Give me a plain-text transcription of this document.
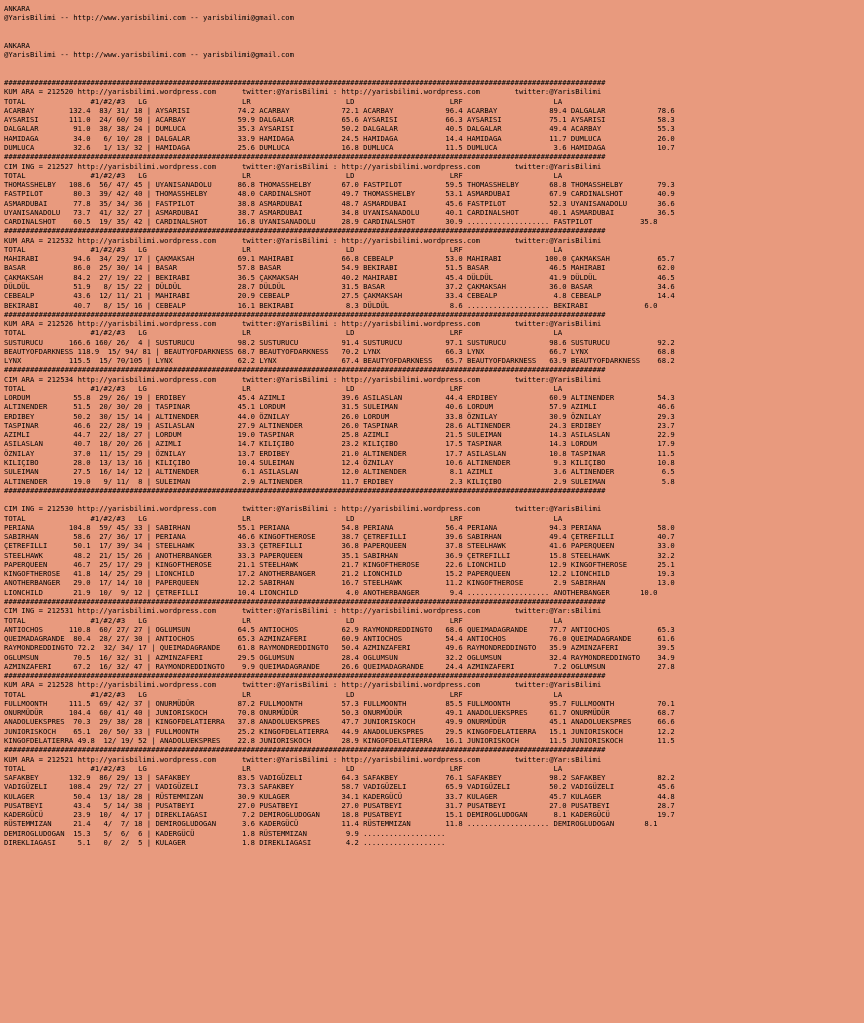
ANKARA
@YarisBilimi -- http://www.yarisbilimi.com -- yarisbilimi@gmail.com
ANKARA
@YarisBilimi -- http://www.yarisbilimi.com -- yarisbilimi@gmail.com
###########################################################################################################################################
KUM ARA = 212520 http://yarisbilimi.wordpress.com      twitter:@YarisBilimi : http://yarisbilimi.wordpress.com        twitter:@YarisBilimi
TOTAL               #1/#2/#3   LG                      LR                      LD                      LRF                     LA
ACARBAY        132.4  83/ 31/ 18 | AYSARISI           74.2 ACARBAY            72.1 ACARBAY            96.4 ACARBAY            89.4 DALGALAR            78.6
AYSARISI       111.0  24/ 60/ 50 | ACARBAY            59.9 DALGALAR           65.6 AYSARISI           66.3 AYSARISI           75.1 AYSARISI            58.3
DALGALAR        91.0  38/ 38/ 24 | DUMLUCA            35.3 AYSARISI           50.2 DALGALAR           40.5 DALGALAR           49.4 ACARBAY             55.3
HAMIDAGA        34.0   6/ 10/ 28 | DALGALAR           33.9 HAMIDAGA           24.5 HAMIDAGA           14.4 HAMIDAGA           11.7 DUMLUCA             26.0
DUMLUCA         32.6   1/ 13/ 32 | HAMIDAGA           25.6 DUMLUCA            16.8 DUMLUCA            11.5 DUMLUCA             3.6 HAMIDAGA            10.7
###########################################################################################################################################
CIM ING = 212527 http://yarisbilimi.wordpress.com      twitter:@YarisBilimi : http://yarisbilimi.wordpress.com        twitter:@YarisBilimi
TOTAL               #1/#2/#3   LG                      LR                      LD                      LRF                     LA
THOMASSHELBY   108.6  56/ 47/ 45 | UYANISANADOLU      86.8 THOMASSHELBY       67.0 FASTPILOT          59.5 THOMASSHELBY       68.8 THOMASSHELBY        79.3
FASTPILOT       80.3  39/ 42/ 40 | THOMASSHELBY       48.0 CARDINALSHOT       49.7 THOMASSHELBY       53.1 ASMARDUBAI         67.9 CARDINALSHOT        40.9
ASMARDUBAI      77.8  35/ 34/ 36 | FASTPILOT          38.8 ASMARDUBAI         48.7 ASMARDUBAI         45.6 FASTPILOT          52.3 UYANISANADOLU       36.6
UYANISANADOLU   73.7  41/ 32/ 27 | ASMARDUBAI         38.7 ASMARDUBAI         34.8 UYANISANADOLU      40.1 CARDINALSHOT       40.1 ASMARDUBAI          36.5
CARDINALSHOT    60.5  19/ 35/ 42 | CARDINALSHOT       16.8 UYANISANADOLU      28.9 CARDINALSHOT       30.9 ................... FASTPILOT           35.8
###########################################################################################################################################
KUM ARA = 212532 http://yarisbilimi.wordpress.com      twitter:@YarisBilimi : http://yarisbilimi.wordpress.com        twitter:@YarisBilimi
TOTAL               #1/#2/#3   LG                      LR                      LD                      LRF                     LA
MAHIRABI        94.6  34/ 29/ 17 | ÇAKMAKSAH          69.1 MAHIRABI           66.8 CEBEALP            53.0 MAHIRABI          100.0 ÇAKMAKSAH           65.7
BASAR           86.0  25/ 30/ 14 | BASAR              57.8 BASAR              54.9 BEKIRABI           51.5 BASAR              46.5 MAHIRABI            62.0
ÇAKMAKSAH       84.2  27/ 19/ 22 | BEKIRABI           36.5 ÇAKMAKSAH          40.2 MAHIRABI           45.4 DÜLDÜL             41.9 DÜLDÜL              46.5
DÜLDÜL          51.9   8/ 15/ 22 | DÜLDÜL             28.7 DÜLDÜL             31.5 BASAR              37.2 ÇAKMAKSAH          36.0 BASAR               34.6
CEBEALP         43.6  12/ 11/ 21 | MAHIRABI           20.9 CEBEALP            27.5 ÇAKMAKSAH          33.4 CEBEALP             4.8 CEBEALP             14.4
BEKIRABI        40.7   8/ 15/ 16 | CEBEALP            16.1 BEKIRABI            8.3 DÜLDÜL              8.6 ................... BEKIRABI             6.0
###########################################################################################################################################
KUM ARA = 212526 http://yarisbilimi.wordpress.com      twitter:@YarisBilimi : http://yarisbilimi.wordpress.com        twitter:@YarisBilimi
TOTAL               #1/#2/#3   LG                      LR                      LD                      LRF                     LA
SUSTURUCU      166.6 160/ 26/  4 | SUSTURUCU          98.2 SUSTURUCU          91.4 SUSTURUCU          97.1 SUSTURUCU          98.6 SUSTURUCU           92.2
BEAUTYOFDARKNESS 118.9  15/ 94/ 81 | BEAUTYOFDARKNESS 68.7 BEAUTYOFDARKNESS   70.2 LYNX               66.3 LYNX               66.7 LYNX                68.8
LYNX           115.5  15/ 70/105 | LYNX               62.2 LYNX               67.4 BEAUTYOFDARKNESS   65.7 BEAUTYOFDARKNESS   63.9 BEAUTYOFDARKNESS    68.2
###########################################################################################################################################
CIM ARA = 212534 http://yarisbilimi.wordpress.com      twitter:@YarisBilimi : http://yarisbilimi.wordpress.com        twitter:@YarisBilimi
TOTAL               #1/#2/#3   LG                      LR                      LD                      LRF                     LA
LORDUM          55.8  29/ 26/ 19 | ERDIBEY            45.4 AZIMLI             39.6 ASILASLAN          44.4 ERDIBEY            60.9 ALTINENDER          54.3
ALTINENDER      51.5  20/ 30/ 20 | TASPINAR           45.1 LORDUM             31.5 SULEIMAN           40.6 LORDUM             57.9 AZIMLI              46.6
ERDIBEY         50.2  30/ 15/ 14 | ALTINENDER         44.0 ÖZNILAY            26.0 LORDUM             33.8 ÖZNILAY            30.9 ÖZNILAY             29.3
TASPINAR        46.6  22/ 28/ 19 | ASILASLAN          27.9 ALTINENDER         26.0 TASPINAR           28.6 ALTINENDER         24.3 ERDIBEY             23.7
AZIMLI          44.7  22/ 18/ 27 | LORDUM             19.0 TASPINAR           25.8 AZIMLI             21.5 SULEIMAN           14.3 ASILASLAN           22.9
ASILASLAN       40.7  18/ 20/ 26 | AZIMLI             14.7 KILIÇIBO           23.2 KILIÇIBO           17.5 TASPINAR           14.3 LORDUM              17.9
ÖZNILAY         37.0  11/ 15/ 29 | ÖZNILAY            13.7 ERDIBEY            21.0 ALTINENDER         17.7 ASILASLAN          10.8 TASPINAR            11.5
KILIÇIBO        28.0  13/ 13/ 16 | KILIÇIBO           10.4 SULEIMAN           12.4 ÖZNILAY            10.6 ALTINENDER          9.3 KILIÇIBO            10.8
SULEIMAN        27.5  16/ 14/ 12 | ALTINENDER          6.1 ASILASLAN          12.0 ALTINENDER          8.1 AZIMLI              3.6 ALTINENDER           6.5
ALTINENDER      19.0   9/ 11/  8 | SULEIMAN            2.9 ALTINENDER         11.7 ERDIBEY             2.3 KILIÇIBO            2.9 SULEIMAN             5.8
###########################################################################################################################################
CIM ING = 212530 http://yarisbilimi.wordpress.com      twitter:@YarisBilimi : http://yarisbilimi.wordpress.com        twitter:@YarisBilimi
TOTAL               #1/#2/#3   LG                      LR                      LD                      LRF                     LA
PERIANA        104.8  59/ 45/ 33 | SABIRHAN           55.1 PERIANA            54.8 PERIANA            56.4 PERIANA            94.3 PERIANA             58.0
SABIRHAN        58.6  27/ 36/ 17 | PERIANA            46.6 KINGOFTHEROSE      38.7 ÇETREFILLI         39.6 SABIRHAN           49.4 ÇETREFILLI          40.7
ÇETREFILLI      50.1  17/ 39/ 34 | STEELHAWK          33.3 ÇETREFILLI         36.8 PAPERQUEEN         37.8 STEELHAWK          41.6 PAPERQUEEN          33.0
STEELHAWK       48.2  21/ 15/ 26 | ANOTHERBANGER      33.3 PAPERQUEEN         35.1 SABIRHAN           36.9 ÇETREFILLI         15.8 STEELHAWK           32.2
PAPERQUEEN      46.7  25/ 17/ 29 | KINGOFTHEROSE      21.1 STEELHAWK          21.7 KINGOFTHEROSE      22.6 LIONCHILD          12.9 KINGOFTHEROSE       25.1
KINGOFTHEROSE   41.8  14/ 25/ 29 | LIONCHILD          17.2 ANOTHERBANGER      21.2 LIONCHILD          15.2 PAPERQUEEN         12.2 LIONCHILD           19.3
ANOTHERBANGER   29.0  17/ 14/ 10 | PAPERQUEEN         12.2 SABIRHAN           16.7 STEELHAWK          11.2 KINGOFTHEROSE       2.9 SABIRHAN            13.0
LIONCHILD       21.9  10/  9/ 12 | ÇETREFILLI         10.4 LIONCHILD           4.0 ANOTHERBANGER       9.4 ................... ANOTHERBANGER       10.0
###########################################################################################################################################
CIM ING = 212531 http://yarisbilimi.wordpress.com      twitter:@YarisBilimi : http://yarisbilimi.wordpress.com        twitter:@Yar:sBilimi
TOTAL               #1/#2/#3   LG                      LR                      LD                      LRF                     LA
ANTIOCHOS      110.8  60/ 27/ 27 | OGLUMSUN           64.5 ANTIOCHOS          62.9 RAYMONDREDDINGTO   68.6 QUEIMADAGRANDE     77.7 ANTIOCHOS           65.3
QUEIMADAGRANDE  80.4  28/ 27/ 30 | ANTIOCHOS          65.3 AZMINZAFERI        60.9 ANTIOCHOS          54.4 ANTIOCHOS          76.0 QUEIMADAGRANDE      61.6
RAYMONDREDDINGTO 72.2  32/ 34/ 17 | QUEIMADAGRANDE    61.8 RAYMONDREDDINGTO   50.4 AZMINZAFERI        49.6 RAYMONDREDDINGTO   35.9 AZMINZAFERI         39.5
OGLUMSUN        70.5  16/ 32/ 31 | AZMINZAFERI        29.5 OGLUMSUN           28.4 OGLUMSUN           32.2 OGLUMSUN           32.4 RAYMONDREDDINGTO    34.9
AZMINZAFERI     67.2  16/ 32/ 47 | RAYMONDREDDINGTO    9.9 QUEIMADAGRANDE     26.6 QUEIMADAGRANDE     24.4 AZMINZAFERI         7.2 OGLUMSUN            27.8
###########################################################################################################################################
KUM ARA = 212528 http://yarisbilimi.wordpress.com      twitter:@YarisBilimi : http://yarisbilimi.wordpress.com        twitter:@YarisBilimi
TOTAL               #1/#2/#3   LG                      LR                      LD                      LRF                     LA
FULLMOONTH     111.5  69/ 42/ 37 | ONURMÜDÜR          87.2 FULLMOONTH         57.3 FULLMOONTH         85.5 FULLMOONTH         95.7 FULLMOONTH          70.1
ONURMÜDÜR      104.4  60/ 41/ 40 | JUNIORISKOCH       70.8 ONURMÜDÜR          50.3 ONURMÜDÜR          49.1 ANADOLUEKSPRES     61.7 ONURMÜDÜR           68.7
ANADOLUEKSPRES  70.3  29/ 38/ 28 | KINGOFDELATIERRA   37.8 ANADOLUEKSPRES     47.7 JUNIORISKOCH       49.9 ONURMÜDÜR          45.1 ANADOLUEKSPRES      66.6
JUNIORISKOCH    65.1  20/ 50/ 33 | FULLMOONTH         25.2 KINGOFDELATIERRA   44.9 ANADOLUEKSPRES     29.5 KINGOFDELATIERRA   15.1 JUNIORISKOCH        12.2
KINGOFDELATIERRA 49.8  12/ 19/ 52 | ANADOLUEKSPRES    22.8 JUNIORISKOCH       28.9 KINGOFDELATIERRA   16.1 JUNIORISKOCH       11.5 JUNIORISKOCH        11.5
###########################################################################################################################################
KUM ARA = 212521 http://yarisbilimi.wordpress.com      twitter:@YarisBilimi : http://yarisbilimi.wordpress.com        twitter:@Yar:sBilimi
TOTAL               #1/#2/#3   LG                      LR                      LD                      LRF                     LA
SAFAKBEY       132.9  86/ 29/ 13 | SAFAKBEY           83.5 VADIGÜZELI         64.3 SAFAKBEY           76.1 SAFAKBEY           98.2 SAFAKBEY            82.2
VADIGÜZELI     108.4  29/ 72/ 27 | VADIGÜZELI         73.3 SAFAKBEY           58.7 VADIGÜZELI         65.9 VADIGÜZELI         50.2 VADIGÜZELI          45.6
KULAGER         50.4  13/ 18/ 28 | RÜSTEMMIZAN        30.9 KULAGER            34.1 KADERGÜCÜ          33.7 KULAGER            45.7 KULAGER             44.8
PUSATBEYI       43.4   5/ 14/ 38 | PUSATBEYI          27.0 PUSATBEYI          27.0 PUSATBEYI          31.7 PUSATBEYI          27.0 PUSATBEYI           28.7
KADERGÜCÜ       23.9  10/  4/ 17 | DIREKLIAGASI        7.2 DEMIROGLUDOGAN     18.8 PUSATBEYI          15.1 DEMIROGLUDOGAN      8.1 KADERGÜCÜ           19.7
RÜSTEMMIZAN     21.4   4/  7/ 18 | DEMIROGLUDOGAN      3.6 KADERGÜCÜ          11.4 RÜSTEMMIZAN        11.8 ................... DEMIROGLUDOGAN       8.1
DEMIROGLUDOGAN  15.3   5/  6/  6 | KADERGÜCÜ           1.8 RÜSTEMMIZAN         9.9 ...................
DIREKLIAGASI     5.1   0/  2/  5 | KULAGER             1.8 DIREKLIAGASI        4.2 ...................
